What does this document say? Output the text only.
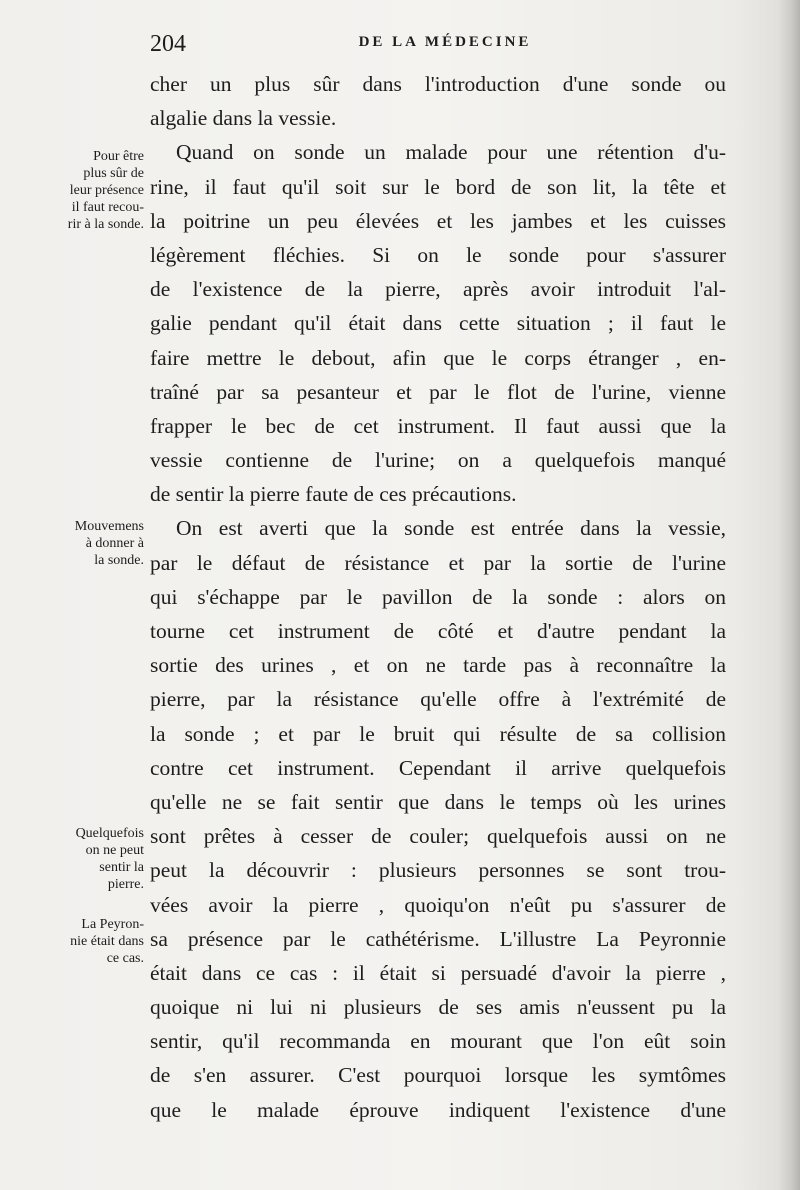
204	DE LA MÉDECINE
Pour être
plus sûr de
leur présence
il faut recou-
rir à la sonde.
Mouvemens
à donner à
la sonde.
Quelquefois
on ne peut
sentir la
pierre.
La Peyron-
nie était dans
ce cas.
cher un plus sûr dans l'introduction d'une sonde ou
algalie dans la vessie.
Quand on sonde un malade pour une rétention d'u-
rine, il faut qu'il soit sur le bord de son lit, la tête et
la poitrine un peu élevées et les jambes et les cuisses
légèrement fléchies. Si on le sonde pour s'assurer
de l'existence de la pierre, après avoir introduit l'al-
galie pendant qu'il était dans cette situation ; il faut le
faire mettre le debout, afin que le corps étranger , en-
traîné par sa pesanteur et par le flot de l'urine, vienne
frapper le bec de cet instrument. Il faut aussi que la
vessie contienne de l'urine; on a quelquefois manqué
de sentir la pierre faute de ces précautions.
On est averti que la sonde est entrée dans la vessie,
par le défaut de résistance et par la sortie de l'urine
qui s'échappe par le pavillon de la sonde : alors on
tourne cet instrument de côté et d'autre pendant la
sortie des urines , et on ne tarde pas à reconnaître la
pierre, par la résistance qu'elle offre à l'extrémité de
la sonde ; et par le bruit qui résulte de sa collision
contre cet instrument. Cependant il arrive quelquefois
qu'elle ne se fait sentir que dans le temps où les urines
sont prêtes à cesser de couler; quelquefois aussi on ne
peut la découvrir : plusieurs personnes se sont trou-
vées avoir la pierre , quoiqu'on n'eût pu s'assurer de
sa présence par le cathétérisme. L'illustre La Peyronnie
était dans ce cas : il était si persuadé d'avoir la pierre ,
quoique ni lui ni plusieurs de ses amis n'eussent pu la
sentir, qu'il recommanda en mourant que l'on eût soin
de s'en assurer. C'est pourquoi lorsque les symtômes
que le malade éprouve indiquent l'existence d'une
